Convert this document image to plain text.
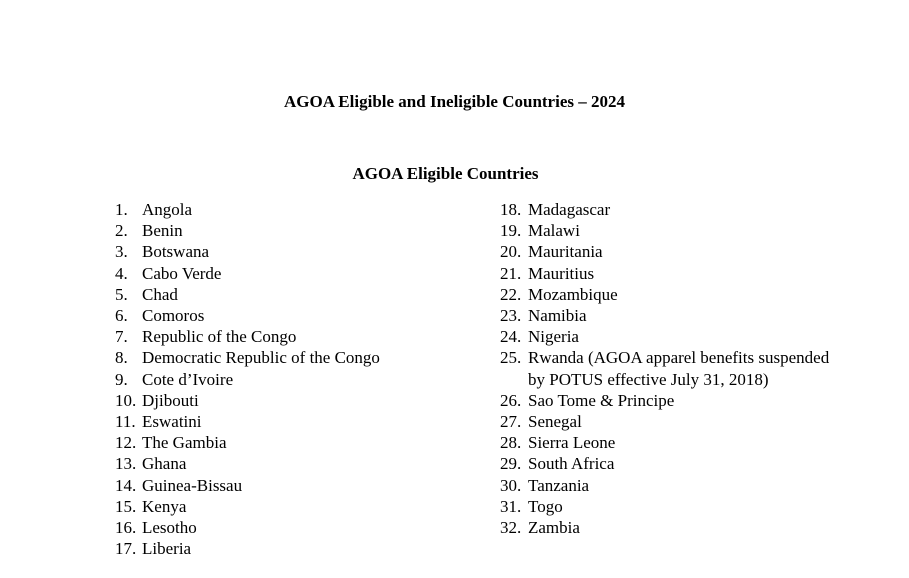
AGOA Eligible and Ineligible Countries – 2024
AGOA Eligible Countries
1. Angola
2. Benin
3. Botswana
4. Cabo Verde
5. Chad
6. Comoros
7. Republic of the Congo
8. Democratic Republic of the Congo
9. Cote d’Ivoire
10. Djibouti
11. Eswatini
12. The Gambia
13. Ghana
14. Guinea-Bissau
15. Kenya
16. Lesotho
17. Liberia
18. Madagascar
19. Malawi
20. Mauritania
21. Mauritius
22. Mozambique
23. Namibia
24. Nigeria
25. Rwanda (AGOA apparel benefits suspended by POTUS effective July 31, 2018)
26. Sao Tome & Principe
27. Senegal
28. Sierra Leone
29. South Africa
30. Tanzania
31. Togo
32. Zambia
